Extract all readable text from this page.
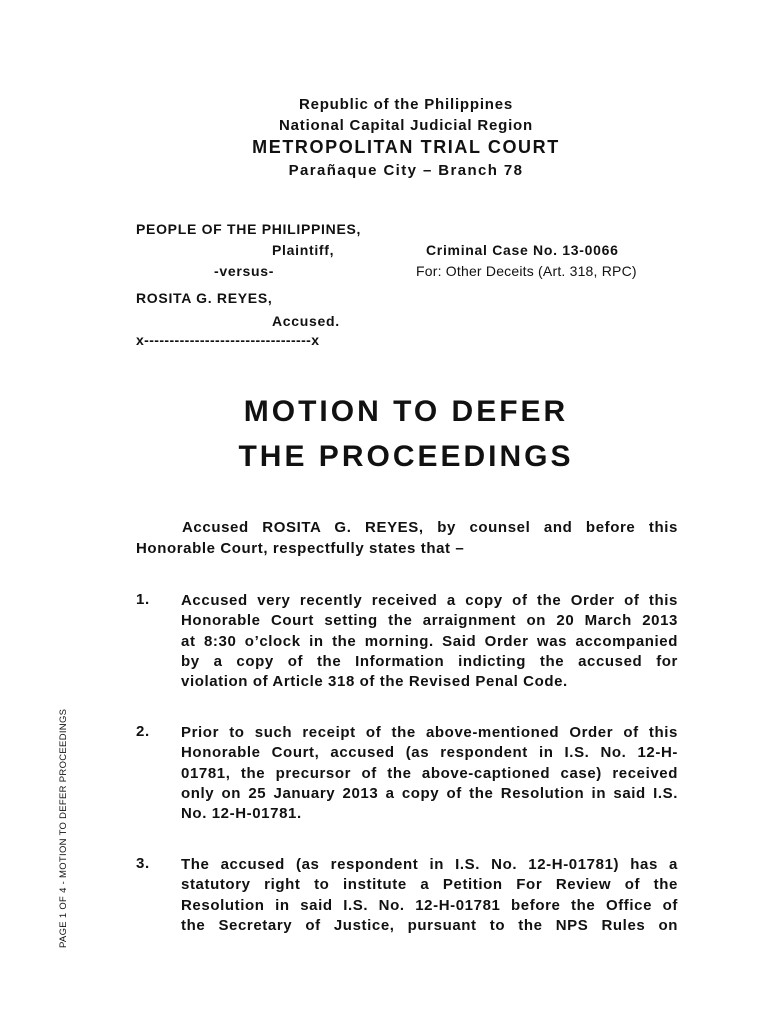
Republic of the Philippines
National Capital Judicial Region
METROPOLITAN TRIAL COURT
Parañaque City – Branch 78
PEOPLE OF THE PHILIPPINES,
Plaintiff,	Criminal Case No. 13-0066
-versus-	For: Other Deceits (Art. 318, RPC)
ROSITA G. REYES,
Accused.
x---------------------------------x
MOTION TO DEFER
THE PROCEEDINGS
Accused ROSITA G. REYES, by counsel and before this
Honorable Court, respectfully states that –
1. Accused very recently received a copy of the Order of this
Honorable Court setting the arraignment on 20 March 2013
at 8:30 o’clock in the morning. Said Order was accompanied
by a copy of the Information indicting the accused for
violation of Article 318 of the Revised Penal Code.
2. Prior to such receipt of the above-mentioned Order of this
Honorable Court, accused (as respondent in I.S. No. 12-H-
01781, the precursor of the above-captioned case) received
only on 25 January 2013 a copy of the Resolution in said I.S.
No. 12-H-01781.
3. The accused (as respondent in I.S. No. 12-H-01781) has a
statutory right to institute a Petition For Review of the
Resolution in said I.S. No. 12-H-01781 before the Office of
the Secretary of Justice, pursuant to the NPS Rules on
PAGE 1 OF 4 - MOTION TO DEFER PROCEEDINGS
